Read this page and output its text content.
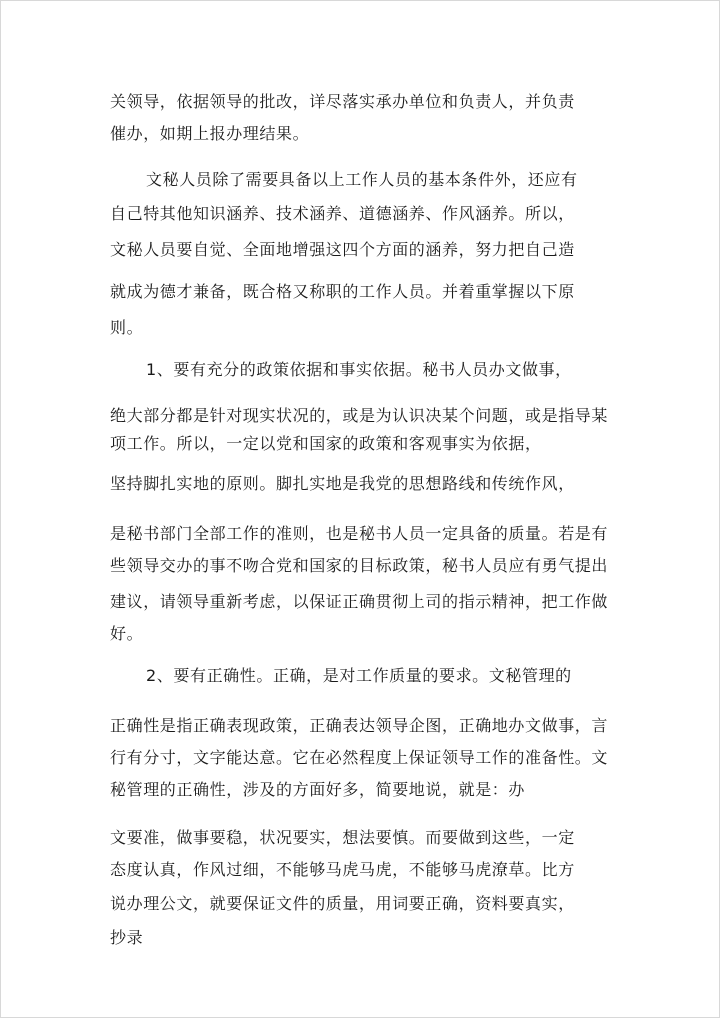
关领导，依据领导的批改，详尽落实承办单位和负责人，并负责
催办，如期上报办理结果。
文秘人员除了需要具备以上工作人员的基本条件外，还应有
自己特其他知识涵养、技术涵养、道德涵养、作风涵养。所以，
文秘人员要自觉、全面地增强这四个方面的涵养，努力把自己造
就成为德才兼备，既合格又称职的工作人员。并着重掌握以下原
则。
1、要有充分的政策依据和事实依据。秘书人员办文做事，
绝大部分都是针对现实状况的，或是为认识决某个问题，或是指导某
项工作。所以，一定以党和国家的政策和客观事实为依据，
坚持脚扎实地的原则。脚扎实地是我党的思想路线和传统作风，
是秘书部门全部工作的准则，也是秘书人员一定具备的质量。若是有
些领导交办的事不吻合党和国家的目标政策，秘书人员应有勇气提出
建议，请领导重新考虑，以保证正确贯彻上司的指示精神，把工作做
好。
2、要有正确性。正确，是对工作质量的要求。文秘管理的
正确性是指正确表现政策，正确表达领导企图，正确地办文做事，言
行有分寸，文字能达意。它在必然程度上保证领导工作的准备性。文
秘管理的正确性，涉及的方面好多，简要地说，就是：办
文要准，做事要稳，状况要实，想法要慎。而要做到这些，一定
态度认真，作风过细，不能够马虎马虎，不能够马虎潦草。比方
说办理公文，就要保证文件的质量，用词要正确，资料要真实，
抄录
